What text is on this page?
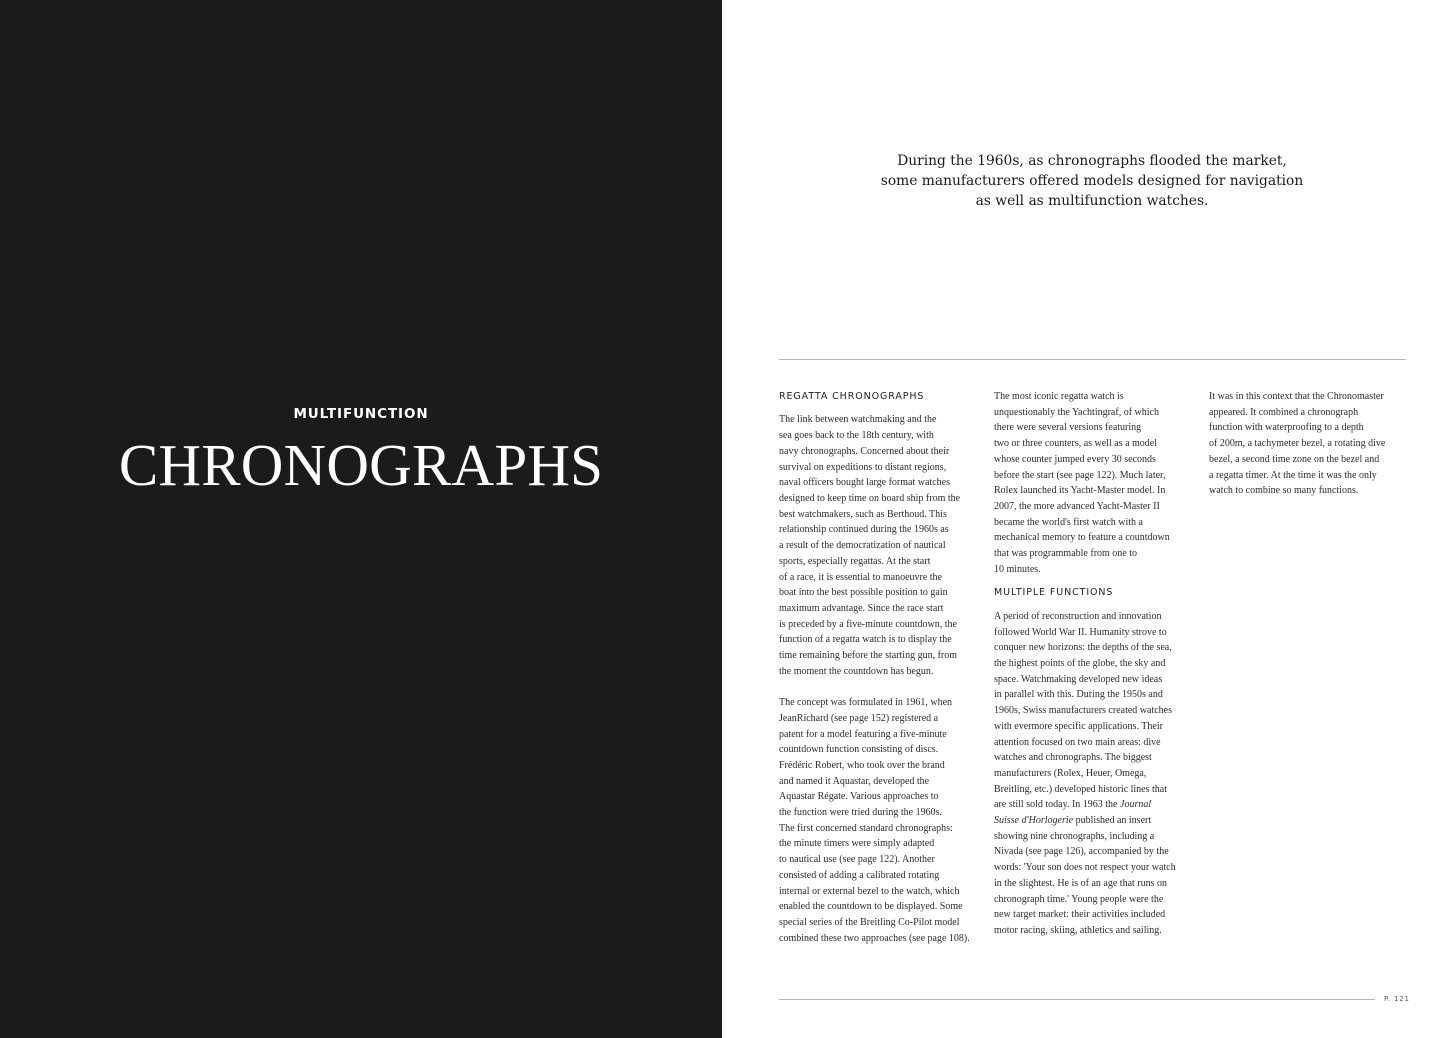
MULTIFUNCTION
CHRONOGRAPHS
During the 1960s, as chronographs flooded the market,
some manufacturers offered models designed for navigation
as well as multifunction watches.
REGATTA CHRONOGRAPHS

The link between watchmaking and the
sea goes back to the 18th century, with
navy chronographs. Concerned about their
survival on expeditions to distant regions,
naval officers bought large format watches
designed to keep time on board ship from the
best watchmakers, such as Berthoud. This
relationship continued during the 1960s as
a result of the democratization of nautical
sports, especially regattas. At the start
of a race, it is essential to manoeuvre the
boat into the best possible position to gain
maximum advantage. Since the race start
is preceded by a five-minute countdown, the
function of a regatta watch is to display the
time remaining before the starting gun, from
the moment the countdown has begun.

The concept was formulated in 1961, when
JeanRichard (see page 152) registered a
patent for a model featuring a five-minute
countdown function consisting of discs.
Frédéric Robert, who took over the brand
and named it Aquastar, developed the
Aquastar Régate. Various approaches to
the function were tried during the 1960s.
The first concerned standard chronographs:
the minute timers were simply adapted
to nautical use (see page 122). Another
consisted of adding a calibrated rotating
internal or external bezel to the watch, which
enabled the countdown to be displayed. Some
special series of the Breitling Co-Pilot model
combined these two approaches (see page 108).

The most iconic regatta watch is
unquestionably the Yachtingraf, of which
there were several versions featuring
two or three counters, as well as a model
whose counter jumped every 30 seconds
before the start (see page 122). Much later,
Rolex launched its Yacht-Master model. In
2007, the more advanced Yacht-Master II
became the world's first watch with a
mechanical memory to feature a countdown
that was programmable from one to
10 minutes.

MULTIPLE FUNCTIONS

A period of reconstruction and innovation
followed World War II. Humanity strove to
conquer new horizons: the depths of the sea,
the highest points of the globe, the sky and
space. Watchmaking developed new ideas
in parallel with this. During the 1950s and
1960s, Swiss manufacturers created watches
with evermore specific applications. Their
attention focused on two main areas: dive
watches and chronographs. The biggest
manufacturers (Rolex, Heuer, Omega,
Breitling, etc.) developed historic lines that
are still sold today. In 1963 the Journal
Suisse d'Horlogerie published an insert
showing nine chronographs, including a
Nivada (see page 126), accompanied by the
words: 'Your son does not respect your watch
in the slightest. He is of an age that runs on
chronograph time.' Young people were the
new target market: their activities included
motor racing, skiing, athletics and sailing.

It was in this context that the Chronomaster
appeared. It combined a chronograph
function with waterproofing to a depth
of 200m, a tachymeter bezel, a rotating dive
bezel, a second time zone on the bezel and
a regatta timer. At the time it was the only
watch to combine so many functions.

P. 121
